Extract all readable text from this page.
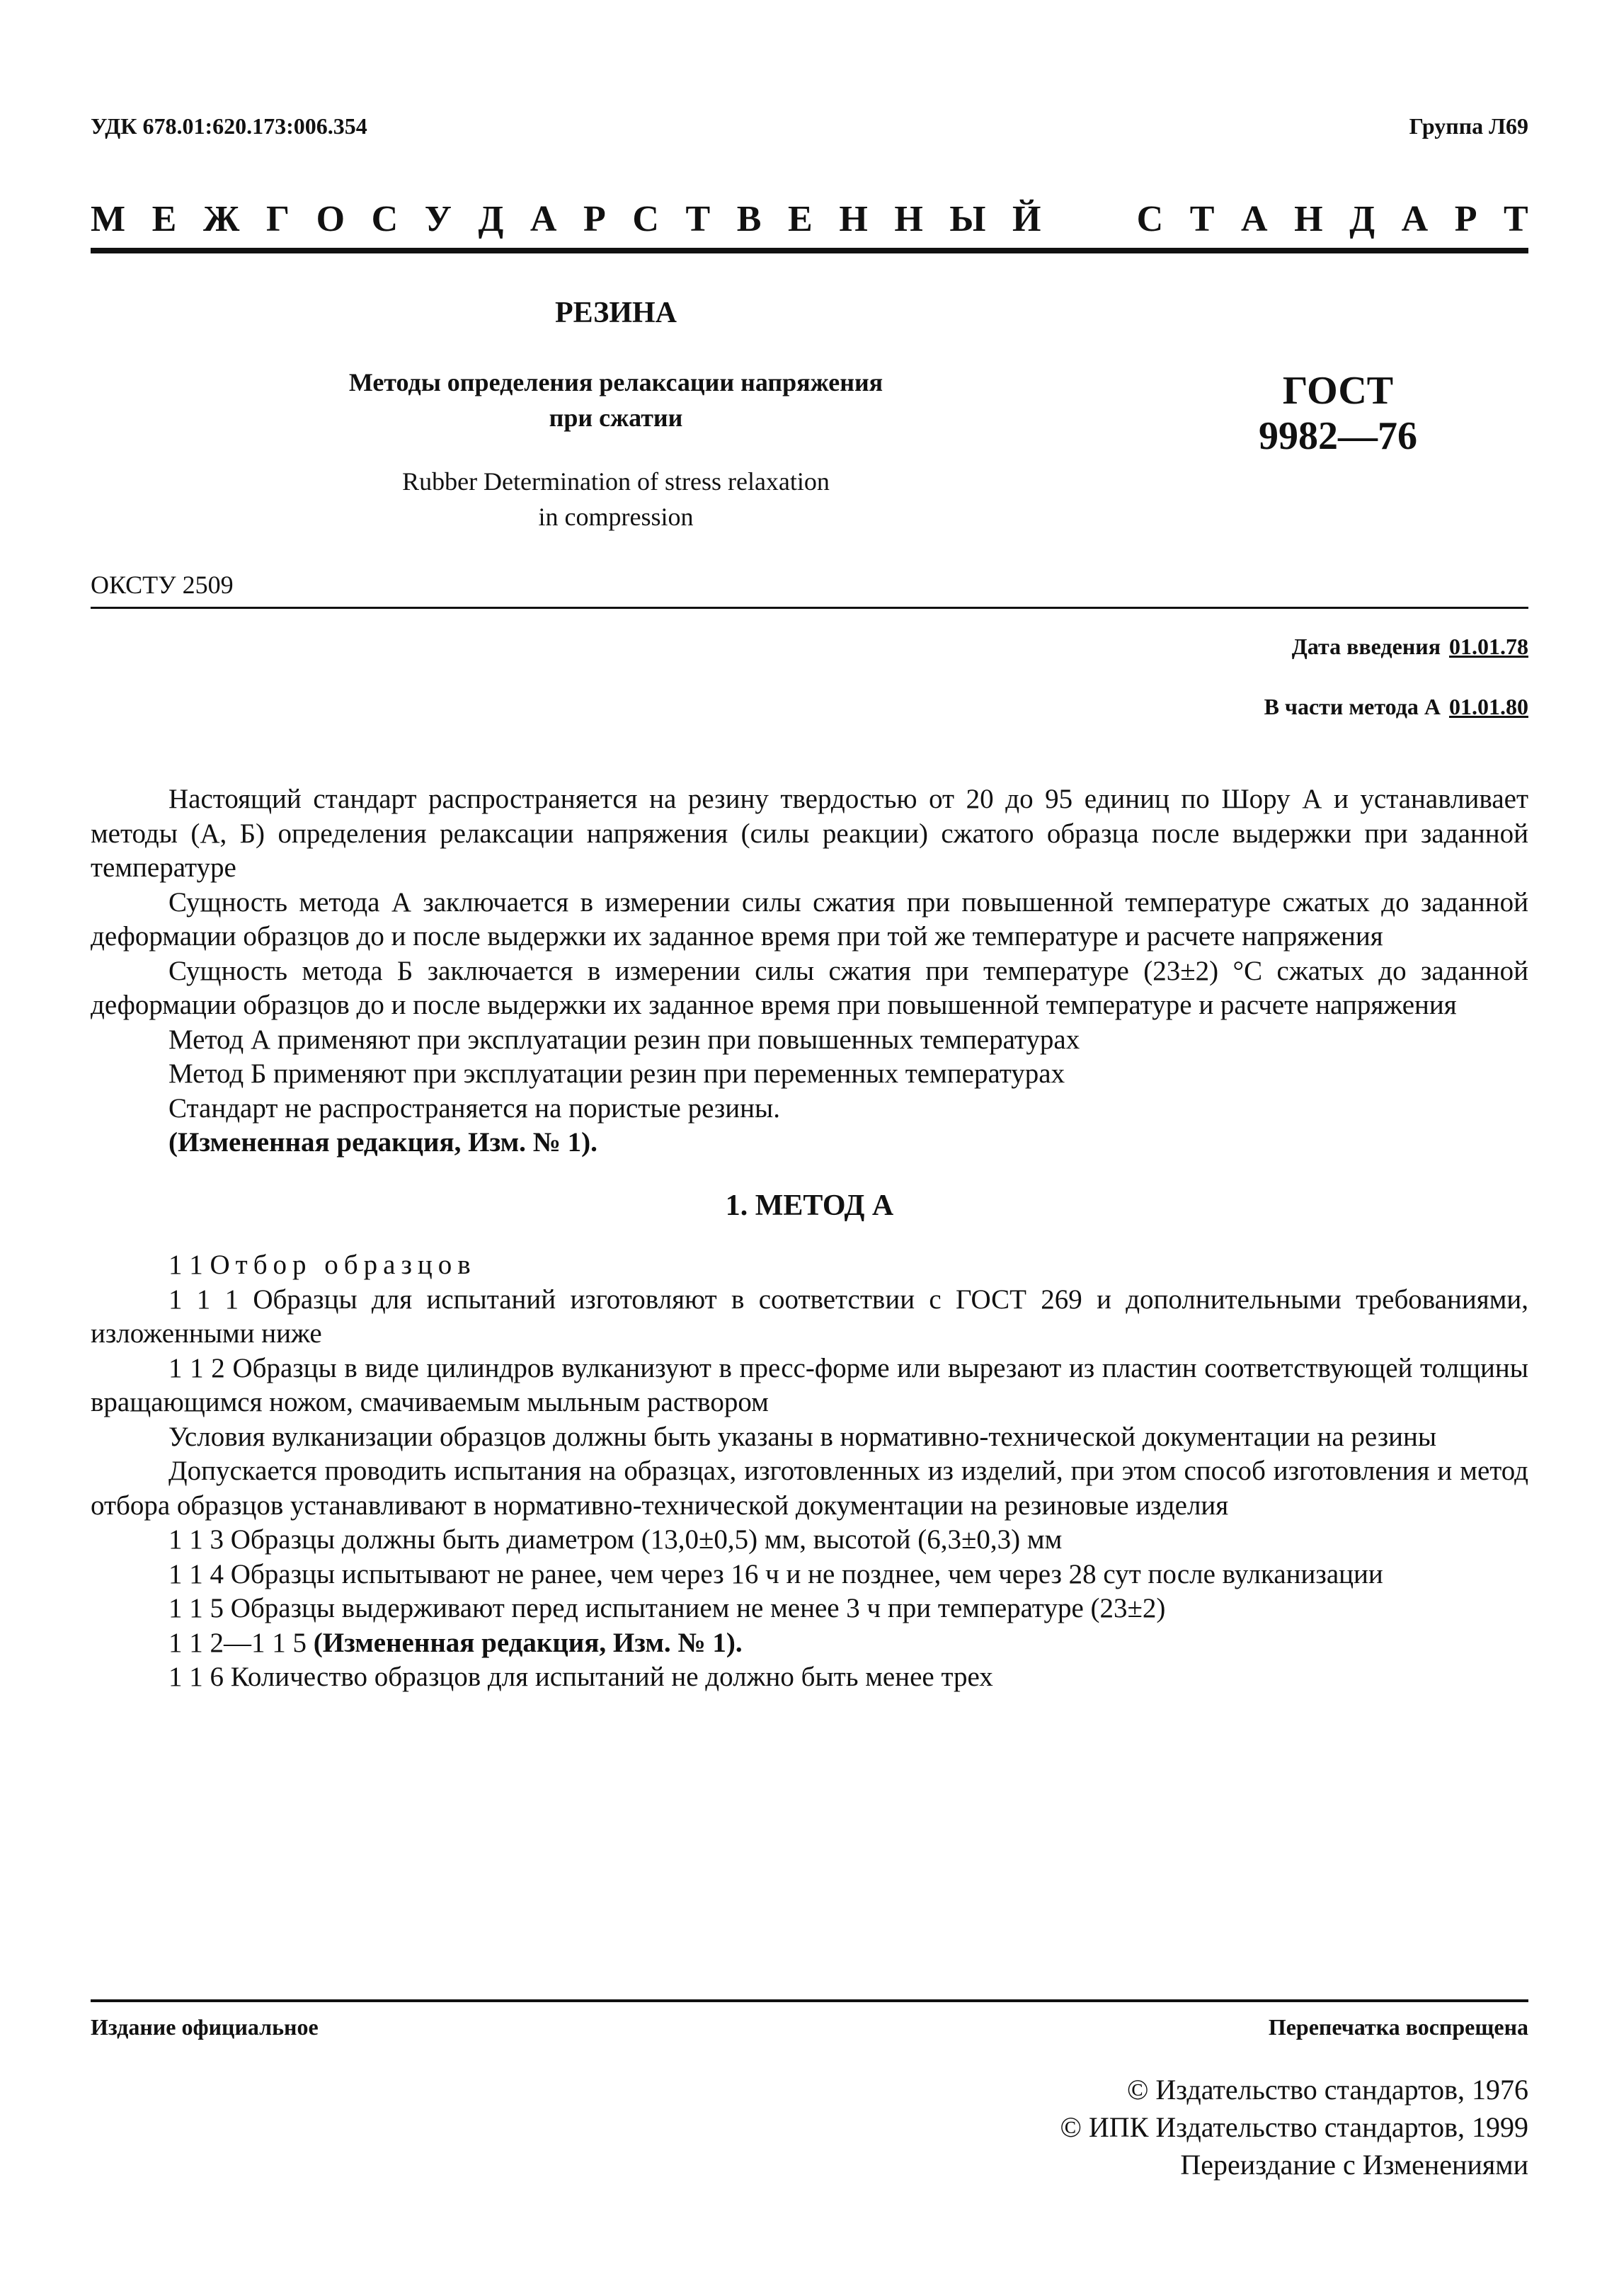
УДК 678.01:620.173:006.354	Группа Л69
М Е Ж Г О С У Д А Р С Т В Е Н Н Ы Й	С Т А Н Д А Р Т
РЕЗИНА
Методы определения релаксации напряжения
при сжатии
ГОСТ
9982—76
Rubber Determination of stress relaxation
in compression
ОКСТУ 2509
Дата введения 01.01.78
В части метода А 01.01.80

Настоящий стандарт распространяется на резину твердостью от 20 до 95 единиц по Шору А и устанавливает методы (А, Б) определения релаксации напряжения (силы реакции) сжатого образца после выдержки при заданной температуре

Сущность метода А заключается в измерении силы сжатия при повышенной температуре сжатых до заданной деформации образцов до и после выдержки их заданное время при той же температуре и расчете напряжения

Сущность метода Б заключается в измерении силы сжатия при температуре (23±2) °С сжатых до заданной деформации образцов до и после выдержки их заданное время при повышенной температуре и расчете напряжения

Метод А применяют при эксплуатации резин при повышенных температурах

Метод Б применяют при эксплуатации резин при переменных температурах

Стандарт не распространяется на пористые резины.

(Измененная редакция, Изм. № 1).

1. МЕТОД А

1 1 Отбор образцов

1 1 1 Образцы для испытаний изготовляют в соответствии с ГОСТ 269 и дополнительными требованиями, изложенными ниже

1 1 2 Образцы в виде цилиндров вулканизуют в пресс-форме или вырезают из пластин соответствующей толщины вращающимся ножом, смачиваемым мыльным раствором

Условия вулканизации образцов должны быть указаны в нормативно-технической документации на резины

Допускается проводить испытания на образцах, изготовленных из изделий, при этом способ изготовления и метод отбора образцов устанавливают в нормативно-технической документации на резиновые изделия

1 1 3 Образцы должны быть диаметром (13,0±0,5) мм, высотой (6,3±0,3) мм

1 1 4 Образцы испытывают не ранее, чем через 16 ч и не позднее, чем через 28 сут после вулканизации

1 1 5 Образцы выдерживают перед испытанием не менее 3 ч при температуре (23±2)

1 1 2—1 1 5 (Измененная редакция, Изм. № 1).

1 1 6 Количество образцов для испытаний не должно быть менее трех

Издание официальное	Перепечатка воспрещена
© Издательство стандартов, 1976
© ИПК Издательство стандартов, 1999
Переиздание с Изменениями
